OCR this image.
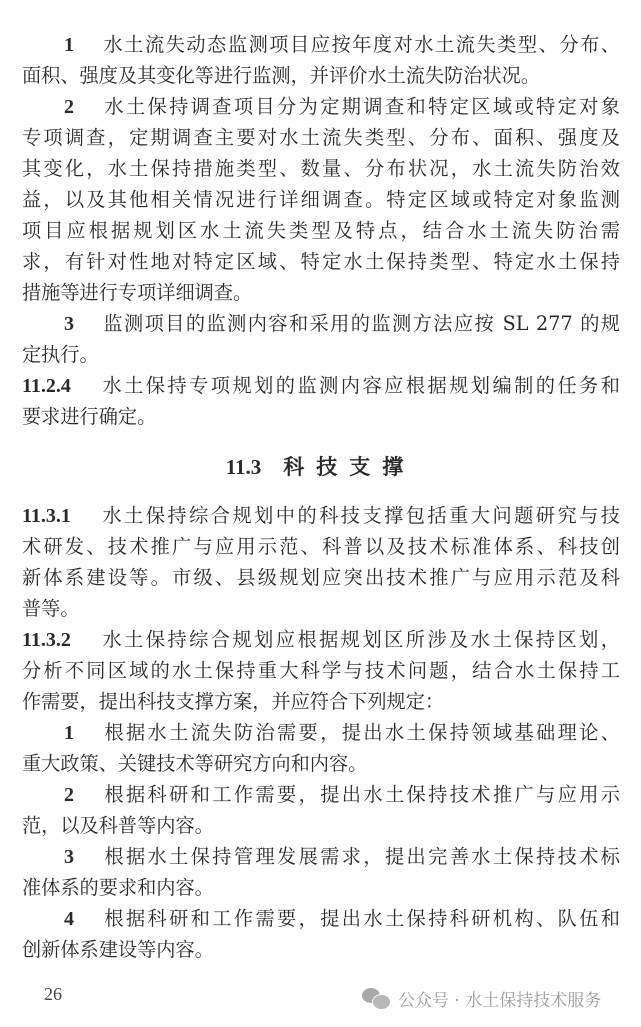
11.3 科技支撑
26	公众号 · 水土保持技术服务
1 水土流失动态监测项目应按年度对水土流失类型、分布、
面积、强度及其变化等进行监测，并评价水土流失防治状况。
2 水土保持调查项目分为定期调查和特定区域或特定对象
专项调查，定期调查主要对水土流失类型、分布、面积、强度及
其变化，水土保持措施类型、数量、分布状况，水土流失防治效
益，以及其他相关情况进行详细调查。特定区域或特定对象监测
项目应根据规划区水土流失类型及特点，结合水土流失防治需
求，有针对性地对特定区域、特定水土保持类型、特定水土保持
措施等进行专项详细调查。
3 监测项目的监测内容和采用的监测方法应按 SL 277 的规
定执行。
11.2.4 水土保持专项规划的监测内容应根据规划编制的任务和
要求进行确定。
11.3.1 水土保持综合规划中的科技支撑包括重大问题研究与技
术研发、技术推广与应用示范、科普以及技术标准体系、科技创
新体系建设等。市级、县级规划应突出技术推广与应用示范及科
普等。
11.3.2 水土保持综合规划应根据规划区所涉及水土保持区划，
分析不同区域的水土保持重大科学与技术问题，结合水土保持工
作需要，提出科技支撑方案，并应符合下列规定：
1 根据水土流失防治需要，提出水土保持领域基础理论、
重大政策、关键技术等研究方向和内容。
2 根据科研和工作需要，提出水土保持技术推广与应用示
范，以及科普等内容。
3 根据水土保持管理发展需求，提出完善水土保持技术标
准体系的要求和内容。
4 根据科研和工作需要，提出水土保持科研机构、队伍和
创新体系建设等内容。
